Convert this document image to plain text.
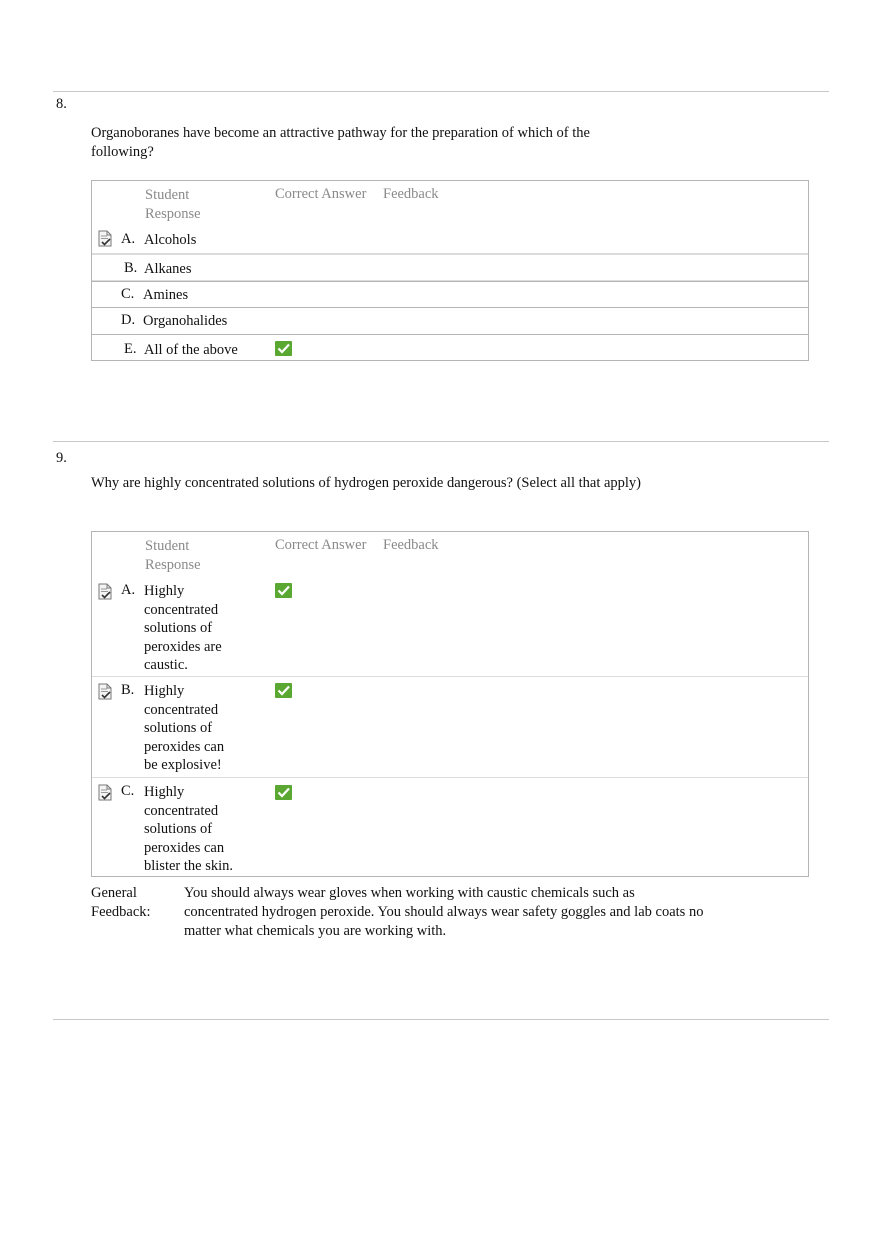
8.
Organoboranes have become an attractive pathway for the preparation of which of the following?
Student Response
Correct Answer Feedback
A. Alcohols
B. Alkanes
C. Amines
D. Organohalides
E. All of the above
9.
Why are highly concentrated solutions of hydrogen peroxide dangerous? (Select all that apply)
Student Response
Correct Answer Feedback
A. Highly concentrated solutions of peroxides are caustic.
B. Highly concentrated solutions of peroxides can be explosive!
C. Highly concentrated solutions of peroxides can blister the skin.
General Feedback:
You should always wear gloves when working with caustic chemicals such as concentrated hydrogen peroxide. You should always wear safety goggles and lab coats no matter what chemicals you are working with.
